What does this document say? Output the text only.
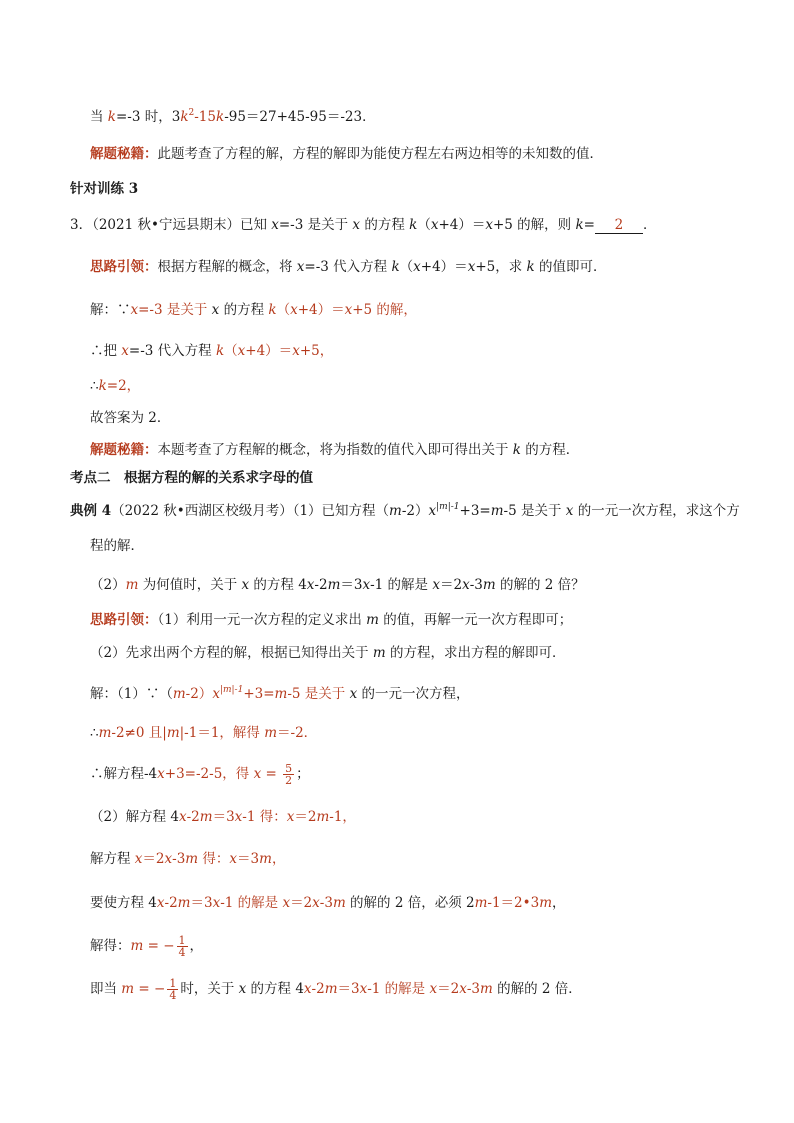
当 k=-3 时，$3k^2-15k-95=27+45-95=-23$．
解题秘籍：此题考查了方程的解，方程的解即为能使方程左右两边相等的未知数的值．
针对训练 3
3．（2021 秋•宁远县期末）已知 x=-3 是关于 x 的方程 k（x+4）＝x+5 的解，则 k= 2 ．
思路引领：根据方程解的概念，将 x=-3 代入方程 k（x+4）＝x+5，求 k 的值即可．
解：∵x=-3 是关于 x 的方程 k（x+4）＝x+5 的解，
∴把 x=-3 代入方程 k（x+4）＝x+5，
∴k=2，
故答案为 2．
解题秘籍：本题考查了方程解的概念，将为指数的值代入即可得出关于 k 的方程．
考点二　根据方程的解的关系求字母的值
典例 4（2022 秋•西湖区校级月考）（1）已知方程$(m-2)x^{|m|-1}+3=m-5$ 是关于 x 的一元一次方程，求这个方
程的解．
（2）m 为何值时，关于 x 的方程 4x-2m＝3x-1 的解是 x＝2x-3m 的解的 2 倍？
思路引领：（1）利用一元一次方程的定义求出 m 的值，再解一元一次方程即可；
（2）先求出两个方程的解，根据已知得出关于 m 的方程，求出方程的解即可．
解：$(1)\because(m-2)x^{|m|-1}+3=m-5$ 是关于 x 的一元一次方程，
∴m-2≠0 且|m|-1＝1，解得 m＝-2．
∴解方程-4x+3=-2-5，得 $x = \frac{5}{2}$ ；
（2）解方程 4x-2m＝3x-1 得：x＝2m-1，
解方程 x＝2x-3m 得：x＝3m，
要使方程 4x-2m＝3x-1 的解是 x＝2x-3m 的解的 2 倍，必须 2m-1＝2•3m，
解得：m = − $\frac{1}{4}$ ，
即当 m = − $\frac{1}{4}$ 时，关于 x 的方程 4x-2m＝3x-1 的解是 x＝2x-3m 的解的 2 倍．
